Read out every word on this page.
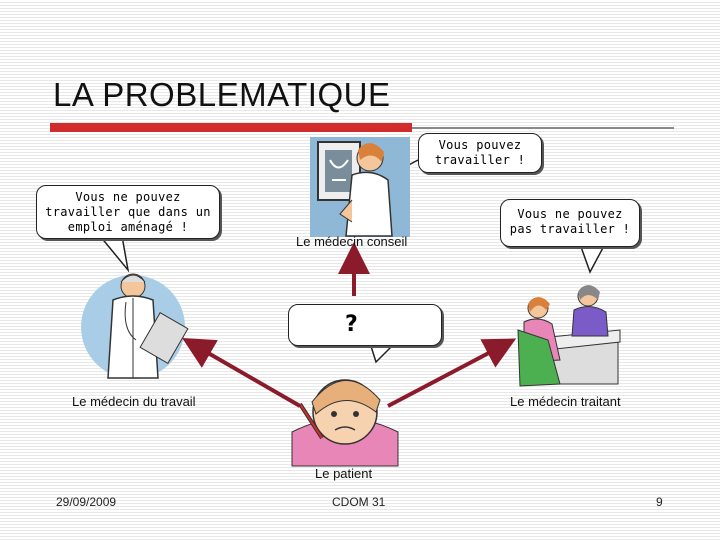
LA PROBLEMATIQUE
Vous pouvez
travailler !
Vous ne pouvez
travailler que dans un
emploi aménagé !
Vous ne pouvez
pas travailler !
?
Le médecin conseil
Le médecin du travail	Le médecin traitant
Le patient
29/09/2009	CDOM 31	9
